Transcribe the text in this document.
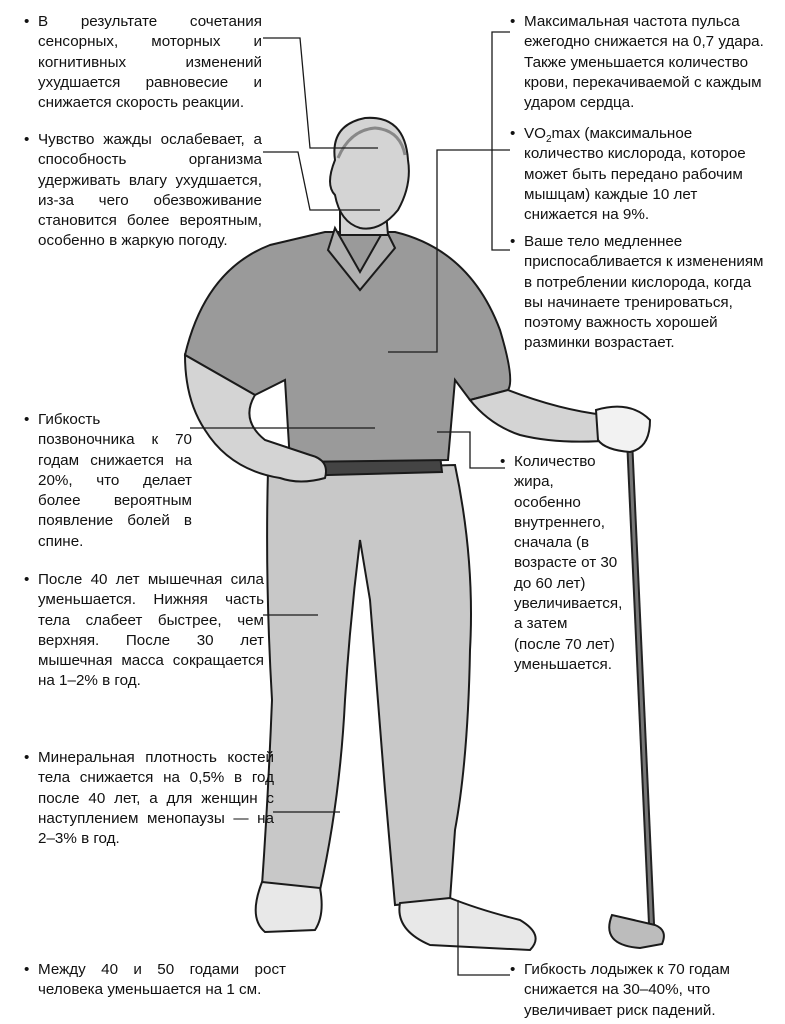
• В результате сочетания сенсорных, моторных и когнитивных изменений ухудшается равновесие и снижается скорость реакции.

• Чувство жажды ослабевает, а способность организма удерживать влагу ухудшается, из-за чего обезвоживание становится более вероятным, особенно в жаркую погоду.

• Гибкость позвоночника к 70 годам снижается на 20%, что делает более вероятным появление болей в спине.

• После 40 лет мышечная сила уменьшается. Нижняя часть тела слабеет быстрее, чем верхняя. После 30 лет мышечная масса сокращается на 1–2% в год.

• Минеральная плотность костей тела снижается на 0,5% в год после 40 лет, а для женщин с наступлением менопаузы — на 2–3% в год.

• Между 40 и 50 годами рост человека уменьшается на 1 см.

• Максимальная частота пульса ежегодно снижается на 0,7 удара. Также уменьшается количество крови, перекачиваемой с каждым ударом сердца.

• $VO_2\max$ (максимальное количество кислорода, которое может быть передано рабочим мышцам) каждые 10 лет снижается на 9%.

• Ваше тело медленнее приспосабливается к изменениям в потреблении кислорода, когда вы начинаете тренироваться, поэтому важность хорошей разминки возрастает.

• Количество жира, особенно внутреннего, сначала (в возрасте от 30 до 60 лет) увеличивается, а затем (после 70 лет) уменьшается.

• Гибкость лодыжек к 70 годам снижается на 30–40%, что увеличивает риск падений.
